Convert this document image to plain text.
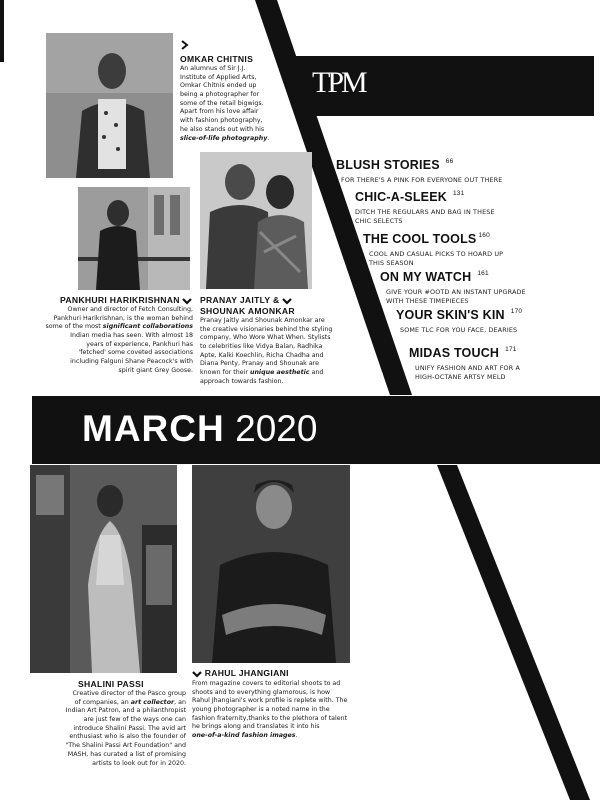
TPM
MARCH 2020
OMKAR CHITNIS
An alumnus of Sir J.J.
Institute of Applied Arts,
Omkar Chitnis ended up
being a photographer for
some of the retail bigwigs.
Apart from his love affair
with fashion photography,
he also stands out with his
slice-of-life photography.
PANKHURI HARIKRISHNAN
Owner and director of Fetch Consulting,
Pankhuri Harikrishnan, is the woman behind
some of the most significant collaborations
Indian media has seen. With almost 18
years of experience, Pankhuri has
'fetched' some coveted associations
including Falguni Shane Peacock's with
spirit giant Grey Goose.
PRANAY JAITLY &
SHOUNAK AMONKAR
Pranay Jaitly and Shounak Amonkar are
the creative visionaries behind the styling
company, Who Wore What When. Stylists
to celebrities like Vidya Balan, Radhika
Apte, Kalki Koechlin, Richa Chadha and
Diana Penty, Pranay and Shounak are
known for their unique aesthetic and
approach towards fashion.
BLUSH STORIES $^{66}$
FOR THERE'S A PINK FOR EVERYONE OUT THERE
CHIC-A-SLEEK $^{131}$
DITCH THE REGULARS AND BAG IN THESE
CHIC SELECTS
THE COOL TOOLS $^{160}$
COOL AND CASUAL PICKS TO HOARD UP
THIS SEASON
ON MY WATCH $^{161}$
GIVE YOUR #OOTD AN INSTANT UPGRADE
WITH THESE TIMEPIECES
YOUR SKIN'S KIN $^{170}$
SOME TLC FOR YOU FACE, DEARIES
MIDAS TOUCH $^{171}$
UNIFY FASHION AND ART FOR A
HIGH-OCTANE ARTSY MELD
SHALINI PASSI
Creative director of the Pasco group
of companies, an art collector, an
Indian Art Patron, and a philanthropist
are just few of the ways one can
introduce Shalini Passi. The avid art
enthusiast who is also the founder of
"The Shalini Passi Art Foundation" and
MASH, has curated a list of promising
artists to look out for in 2020.
RAHUL JHANGIANI
From magazine covers to editorial shoots to ad
shoots and to everything glamorous, is how
Rahul Jhangiani's work profile is replete with. The
young photographer is a noted name in the
fashion fraternity,thanks to the plethora of talent
he brings along and translates it into his
one-of-a-kind fashion images.
